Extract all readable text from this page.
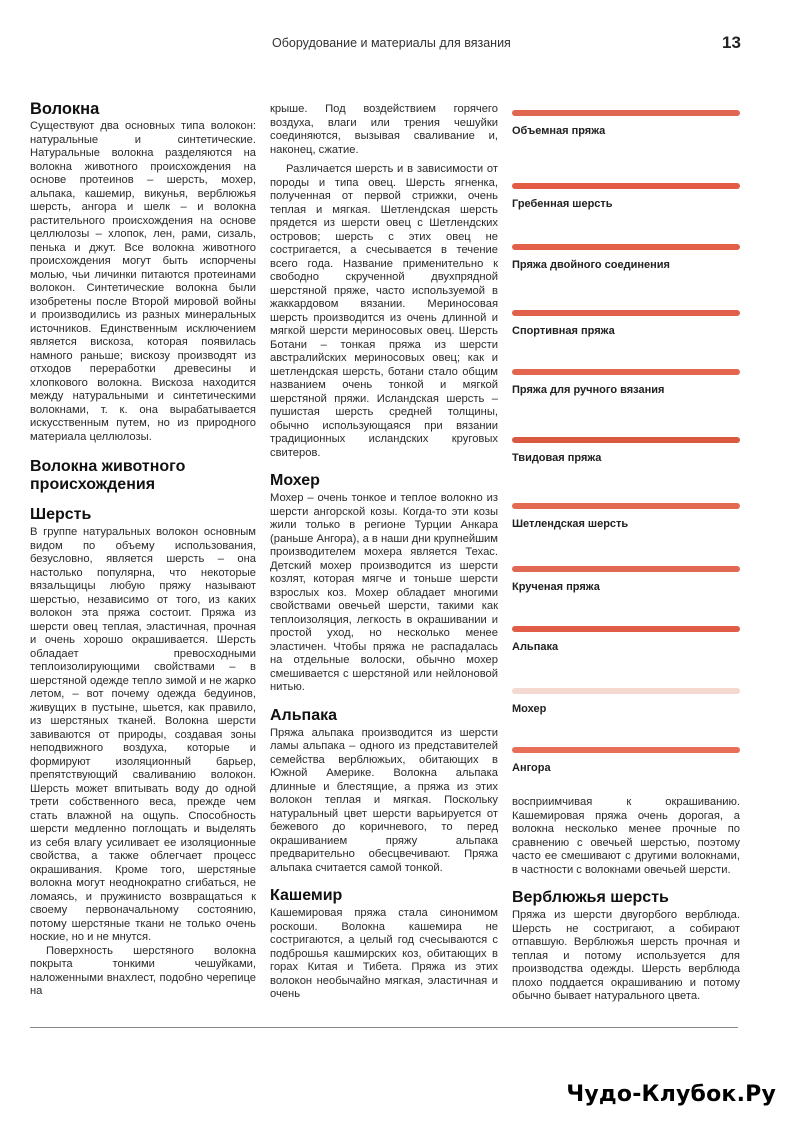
Оборудование и материалы для вязания	13
Волокна

Существуют два основных типа волокон: натуральные и синтетические. Натуральные волокна разделяются на волокна животного происхождения на основе протеинов – шерсть, мохер, альпака, кашемир, викунья, верблюжья шерсть, ангора и шелк – и волокна растительного происхождения на основе целлюлозы – хлопок, лен, рами, сизаль, пенька и джут. Все волокна животного происхождения могут быть испорчены молью, чьи личинки питаются протеинами волокон. Синтетические волокна были изобретены после Второй мировой войны и производились из разных минеральных источников. Единственным исключением является вискоза, которая появилась намного раньше; вискозу производят из отходов переработки древесины и хлопкового волокна. Вискоза находится между натуральными и синтетическими волокнами, т. к. она вырабатывается искусственным путем, но из природного материала целлюлозы.

Волокна животного происхождения
Шерсть

В группе натуральных волокон основным видом по объему использования, безусловно, является шерсть – она настолько популярна, что некоторые вязальщицы любую пряжу называют шерстью, независимо от того, из каких волокон эта пряжа состоит. Пряжа из шерсти овец теплая, эластичная, прочная и очень хорошо окрашивается. Шерсть обладает превосходными теплоизолирующими свойствами – в шерстяной одежде тепло зимой и не жарко летом, – вот почему одежда бедуинов, живущих в пустыне, шьется, как правило, из шерстяных тканей. Волокна шерсти завиваются от природы, создавая зоны неподвижного воздуха, которые и формируют изоляционный барьер, препятствующий сваливанию волокон. Шерсть может впитывать воду до одной трети собственного веса, прежде чем стать влажной на ощупь. Способность шерсти медленно поглощать и выделять из себя влагу усиливает ее изоляционные свойства, а также облегчает процесс окрашивания. Кроме того, шерстяные волокна могут неоднократно сгибаться, не ломаясь, и пружинисто возвращаться к своему первоначальному состоянию, потому шерстяные ткани не только очень ноские, но и не мнутся.

Поверхность шерстяного волокна покрыта тонкими чешуйками, наложенными внахлест, подобно черепице на

крыше. Под воздействием горячего воздуха, влаги или трения чешуйки соединяются, вызывая сваливание и, наконец, сжатие.

Различается шерсть и в зависимости от породы и типа овец. Шерсть ягненка, полученная от первой стрижки, очень теплая и мягкая. Шетлендская шерсть прядется из шерсти овец с Шетлендских островов; шерсть с этих овец не состригается, а счесывается в течение всего года. Название применительно к свободно скрученной двухпрядной шерстяной пряже, часто используемой в жаккардовом вязании. Мериносовая шерсть производится из очень длинной и мягкой шерсти мериносовых овец. Шерсть Ботани – тонкая пряжа из шерсти австралийских мериносовых овец; как и шетлендская шерсть, ботани стало общим названием очень тонкой и мягкой шерстяной пряжи. Исландская шерсть – пушистая шерсть средней толщины, обычно использующаяся при вязании традиционных исландских круговых свитеров.

Мохер

Мохер – очень тонкое и теплое волокно из шерсти ангорской козы. Когда-то эти козы жили только в регионе Турции Анкара (раньше Ангора), а в наши дни крупнейшим производителем мохера является Техас. Детский мохер производится из шерсти козлят, которая мягче и тоньше шерсти взрослых коз. Мохер обладает многими свойствами овечьей шерсти, такими как теплоизоляция, легкость в окрашивании и простой уход, но несколько менее эластичен. Чтобы пряжа не распадалась на отдельные волоски, обычно мохер смешивается с шерстяной или нейлоновой нитью.

Альпака

Пряжа альпака производится из шерсти ламы альпака – одного из представителей семейства верблюжьих, обитающих в Южной Америке. Волокна альпака длинные и блестящие, а пряжа из этих волокон теплая и мягкая. Поскольку натуральный цвет шерсти варьируется от бежевого до коричневого, то перед окрашиванием пряжу альпака предварительно обесцвечивают. Пряжа альпака считается самой тонкой.

Кашемир

Кашемировая пряжа стала синонимом роскоши. Волокна кашемира не состригаются, а целый год счесываются с подброшья кашмирских коз, обитающих в горах Китая и Тибета. Пряжа из этих волокон необычайно мягкая, эластичная и очень

Объемная пряжа
Гребенная шерсть
Пряжа двойного соединения
Спортивная пряжа
Пряжа для ручного вязания
Твидовая пряжа
Шетлендская шерсть
Крученая пряжа
Альпака
Мохер
Ангора

восприимчивая к окрашиванию. Кашемировая пряжа очень дорогая, а волокна несколько менее прочные по сравнению с овечьей шерстью, поэтому часто ее смешивают с другими волокнами, в частности с волокнами овечьей шерсти.

Верблюжья шерсть

Пряжа из шерсти двугорбого верблюда. Шерсть не состригают, а собирают отпавшую. Верблюжья шерсть прочная и теплая и потому используется для производства одежды. Шерсть верблюда плохо поддается окрашиванию и потому обычно бывает натурального цвета.

Чудо-Клубок.Ру
